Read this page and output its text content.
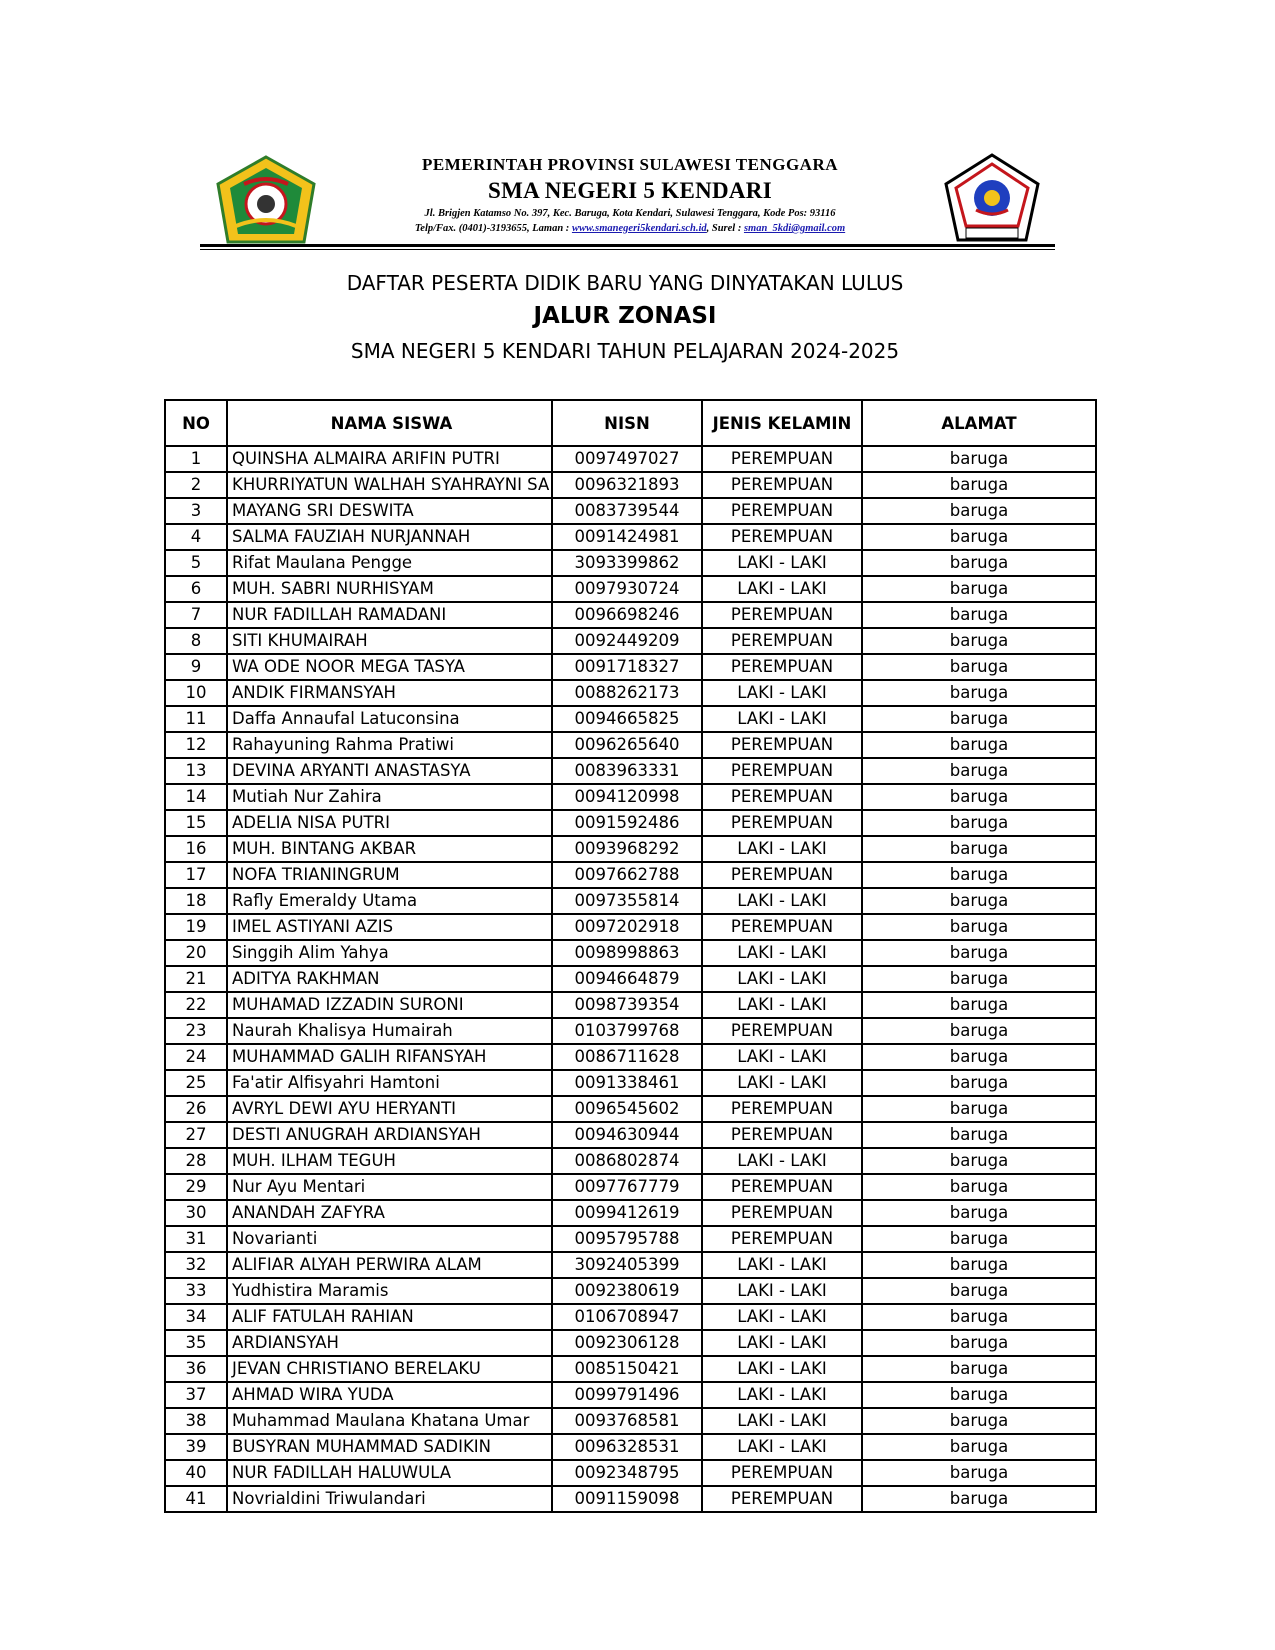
PEMERINTAH PROVINSI SULAWESI TENGGARA
SMA NEGERI 5 KENDARI
Jl. Brigjen Katamso No. 397, Kec. Baruga, Kota Kendari, Sulawesi Tenggara, Kode Pos: 93116
Telp/Fax. (0401)-3193655, Laman : www.smanegeri5kendari.sch.id, Surel : sman_5kdi@gmail.com
DAFTAR PESERTA DIDIK BARU YANG DINYATAKAN LULUS
JALUR ZONASI
SMA NEGERI 5 KENDARI TAHUN PELAJARAN 2024-2025
NO	NAMA SISWA	NISN	JENIS KELAMIN	ALAMAT
1	QUINSHA ALMAIRA ARIFIN PUTRI	0097497027	PEREMPUAN	baruga
2	KHURRIYATUN WALHAH SYAHRAYNI SA	0096321893	PEREMPUAN	baruga
3	MAYANG SRI DESWITA	0083739544	PEREMPUAN	baruga
4	SALMA FAUZIAH NURJANNAH	0091424981	PEREMPUAN	baruga
5	Rifat Maulana Pengge	3093399862	LAKI - LAKI	baruga
6	MUH. SABRI NURHISYAM	0097930724	LAKI - LAKI	baruga
7	NUR FADILLAH RAMADANI	0096698246	PEREMPUAN	baruga
8	SITI KHUMAIRAH	0092449209	PEREMPUAN	baruga
9	WA ODE NOOR MEGA TASYA	0091718327	PEREMPUAN	baruga
10	ANDIK FIRMANSYAH	0088262173	LAKI - LAKI	baruga
11	Daffa Annaufal Latuconsina	0094665825	LAKI - LAKI	baruga
12	Rahayuning Rahma Pratiwi	0096265640	PEREMPUAN	baruga
13	DEVINA ARYANTI ANASTASYA	0083963331	PEREMPUAN	baruga
14	Mutiah Nur Zahira	0094120998	PEREMPUAN	baruga
15	ADELIA NISA PUTRI	0091592486	PEREMPUAN	baruga
16	MUH. BINTANG AKBAR	0093968292	LAKI - LAKI	baruga
17	NOFA TRIANINGRUM	0097662788	PEREMPUAN	baruga
18	Rafly Emeraldy Utama	0097355814	LAKI - LAKI	baruga
19	IMEL ASTIYANI AZIS	0097202918	PEREMPUAN	baruga
20	Singgih Alim Yahya	0098998863	LAKI - LAKI	baruga
21	ADITYA RAKHMAN	0094664879	LAKI - LAKI	baruga
22	MUHAMAD IZZADIN SURONI	0098739354	LAKI - LAKI	baruga
23	Naurah Khalisya Humairah	0103799768	PEREMPUAN	baruga
24	MUHAMMAD GALIH RIFANSYAH	0086711628	LAKI - LAKI	baruga
25	Fa'atir Alfisyahri Hamtoni	0091338461	LAKI - LAKI	baruga
26	AVRYL DEWI AYU HERYANTI	0096545602	PEREMPUAN	baruga
27	DESTI ANUGRAH ARDIANSYAH	0094630944	PEREMPUAN	baruga
28	MUH. ILHAM TEGUH	0086802874	LAKI - LAKI	baruga
29	Nur Ayu Mentari	0097767779	PEREMPUAN	baruga
30	ANANDAH ZAFYRA	0099412619	PEREMPUAN	baruga
31	Novarianti	0095795788	PEREMPUAN	baruga
32	ALIFIAR ALYAH PERWIRA ALAM	3092405399	LAKI - LAKI	baruga
33	Yudhistira Maramis	0092380619	LAKI - LAKI	baruga
34	ALIF FATULAH RAHIAN	0106708947	LAKI - LAKI	baruga
35	ARDIANSYAH	0092306128	LAKI - LAKI	baruga
36	JEVAN CHRISTIANO BERELAKU	0085150421	LAKI - LAKI	baruga
37	AHMAD WIRA YUDA	0099791496	LAKI - LAKI	baruga
38	Muhammad Maulana Khatana Umar	0093768581	LAKI - LAKI	baruga
39	BUSYRAN MUHAMMAD SADIKIN	0096328531	LAKI - LAKI	baruga
40	NUR FADILLAH HALUWULA	0092348795	PEREMPUAN	baruga
41	Novrialdini Triwulandari	0091159098	PEREMPUAN	baruga
